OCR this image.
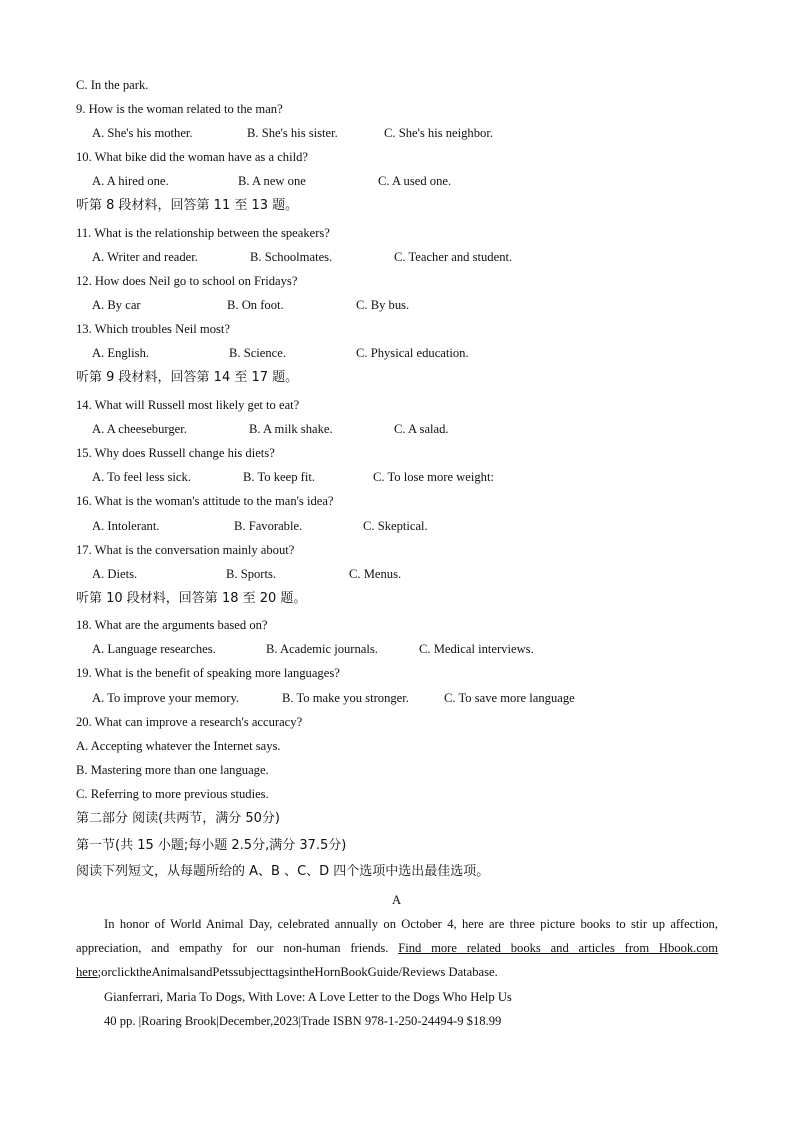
C. In the park.
9. How is the woman related to the man?
A. She's his mother.	B. She's his sister.	C. She's his neighbor.
10. What bike did the woman have as a child?
A. A hired one.	B. A new one	C. A used one.
听第 8 段材料，回答第 11 至 13 题。
11. What is the relationship between the speakers?
A. Writer and reader.	B. Schoolmates.	C. Teacher and student.
12. How does Neil go to school on Fridays?
A. By car	B. On foot.	C. By bus.
13. Which troubles Neil most?
A. English.	B. Science.	C. Physical education.
听第 9 段材料，回答第 14 至 17 题。
14. What will Russell most likely get to eat?
A. A cheeseburger.	B. A milk shake.	C. A salad.
15. Why does Russell change his diets?
A. To feel less sick.	B. To keep fit.	C. To lose more weight:
16. What is the woman's attitude to the man's idea?
A. Intolerant.	B. Favorable.	C. Skeptical.
17. What is the conversation mainly about?
A. Diets.	B. Sports.	C. Menus.
听第 10 段材料，回答第 18 至 20 题。
18. What are the arguments based on?
A. Language researches.	B. Academic journals.	C. Medical interviews.
19. What is the benefit of speaking more languages?
A. To improve your memory.	B. To make you stronger.	C. To save more language
20. What can improve a research's accuracy?
A. Accepting whatever the Internet says.
B. Mastering more than one language.
C. Referring to more previous studies.
第二部分 阅读(共两节，满分 50分)
第一节(共 15 小题;每小题 2.5分,满分 37.5分)
阅读下列短文，从每题所给的 A、B 、C、D 四个选项中选出最佳选项。
A
In honor of World Animal Day, celebrated annually on October 4, here are three picture books to stir up affection, appreciation, and empathy for our non-human friends. Find more related books and articles from Hbook.com here;orclicktheAnimalsandPetssubjecttagsintheHornBookGuide/Reviews Database.
Gianferrari, Maria To Dogs, With Love: A Love Letter to the Dogs Who Help Us
40 pp. |Roaring Brook|December,2023|Trade ISBN 978-1-250-24494-9 $18.99
